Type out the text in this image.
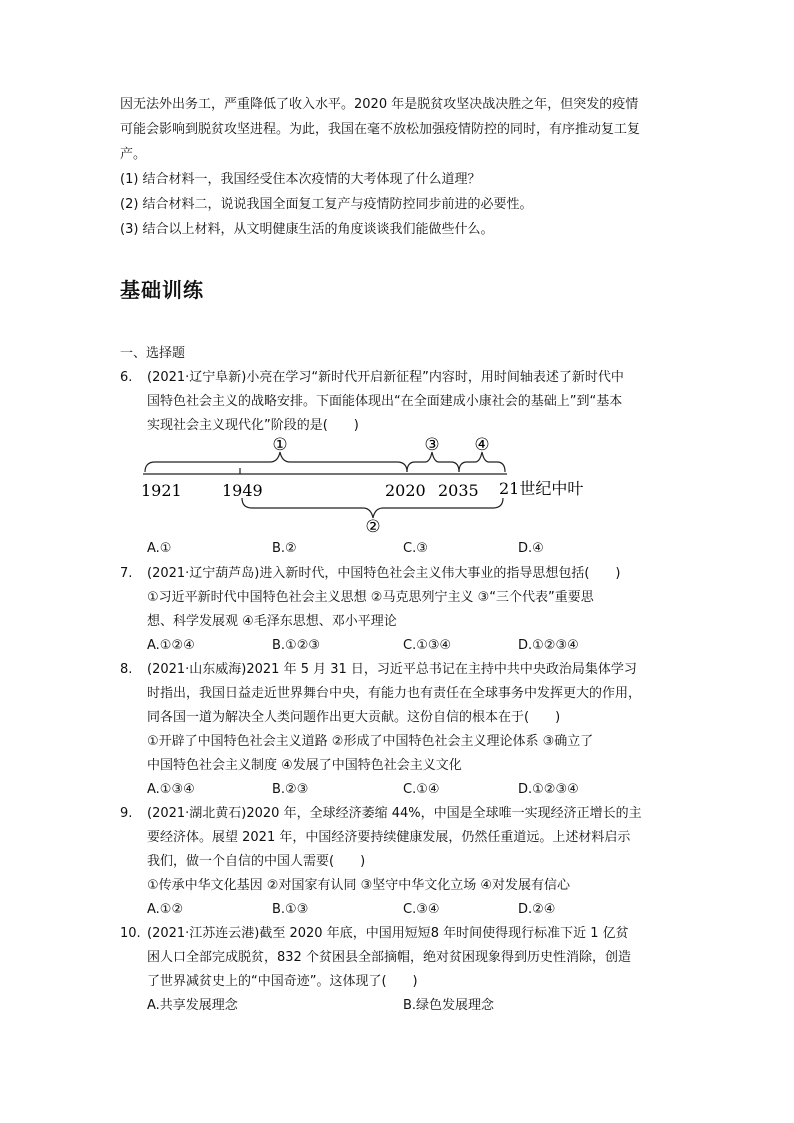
因无法外出务工，严重降低了收入水平。2020 年是脱贫攻坚决战决胜之年，但突发的疫情
可能会影响到脱贫攻坚进程。为此，我国在毫不放松加强疫情防控的同时，有序推动复工复
产。
(1) 结合材料一，我国经受住本次疫情的大考体现了什么道理？
(2) 结合材料二，说说我国全面复工复产与疫情防控同步前进的必要性。
(3) 结合以上材料，从文明健康生活的角度谈谈我们能做些什么。
基础训练
一、选择题
6. (2021·辽宁阜新)小亮在学习“新时代开启新征程”内容时，用时间轴表述了新时代中
国特色社会主义的战略安排。下面能体现出“在全面建成小康社会的基础上”到“基本
实现社会主义现代化”阶段的是(　　)
①	③ ④
②
1921	1949	2020 2035 21世纪中叶
A.①	B.②	C.③	D.④
7. (2021·辽宁葫芦岛)进入新时代，中国特色社会主义伟大事业的指导思想包括(　　)
①习近平新时代中国特色社会主义思想 ②马克思列宁主义 ③“三个代表”重要思
想、科学发展观 ④毛泽东思想、邓小平理论
A.①②④	B.①②③	C.①③④	D.①②③④
8. (2021·山东威海)2021 年 5 月 31 日，习近平总书记在主持中共中央政治局集体学习
时指出，我国日益走近世界舞台中央，有能力也有责任在全球事务中发挥更大的作用，
同各国一道为解决全人类问题作出更大贡献。这份自信的根本在于(　　)
①开辟了中国特色社会主义道路 ②形成了中国特色社会主义理论体系 ③确立了
中国特色社会主义制度 ④发展了中国特色社会主义文化
A.①③④	B.②③	C.①④	D.①②③④
9. (2021·湖北黄石)2020 年，全球经济萎缩 44%，中国是全球唯一实现经济正增长的主
要经济体。展望 2021 年，中国经济要持续健康发展，仍然任重道远。上述材料启示
我们，做一个自信的中国人需要(　　)
①传承中华文化基因 ②对国家有认同 ③坚守中华文化立场 ④对发展有信心
A.①②	B.①③	C.③④	D.②④
10. (2021·江苏连云港)截至 2020 年底，中国用短短8 年时间使得现行标准下近 1 亿贫
困人口全部完成脱贫，832 个贫困县全部摘帽，绝对贫困现象得到历史性消除，创造
了世界减贫史上的“中国奇迹”。这体现了(　　)
A.共享发展理念	B.绿色发展理念
